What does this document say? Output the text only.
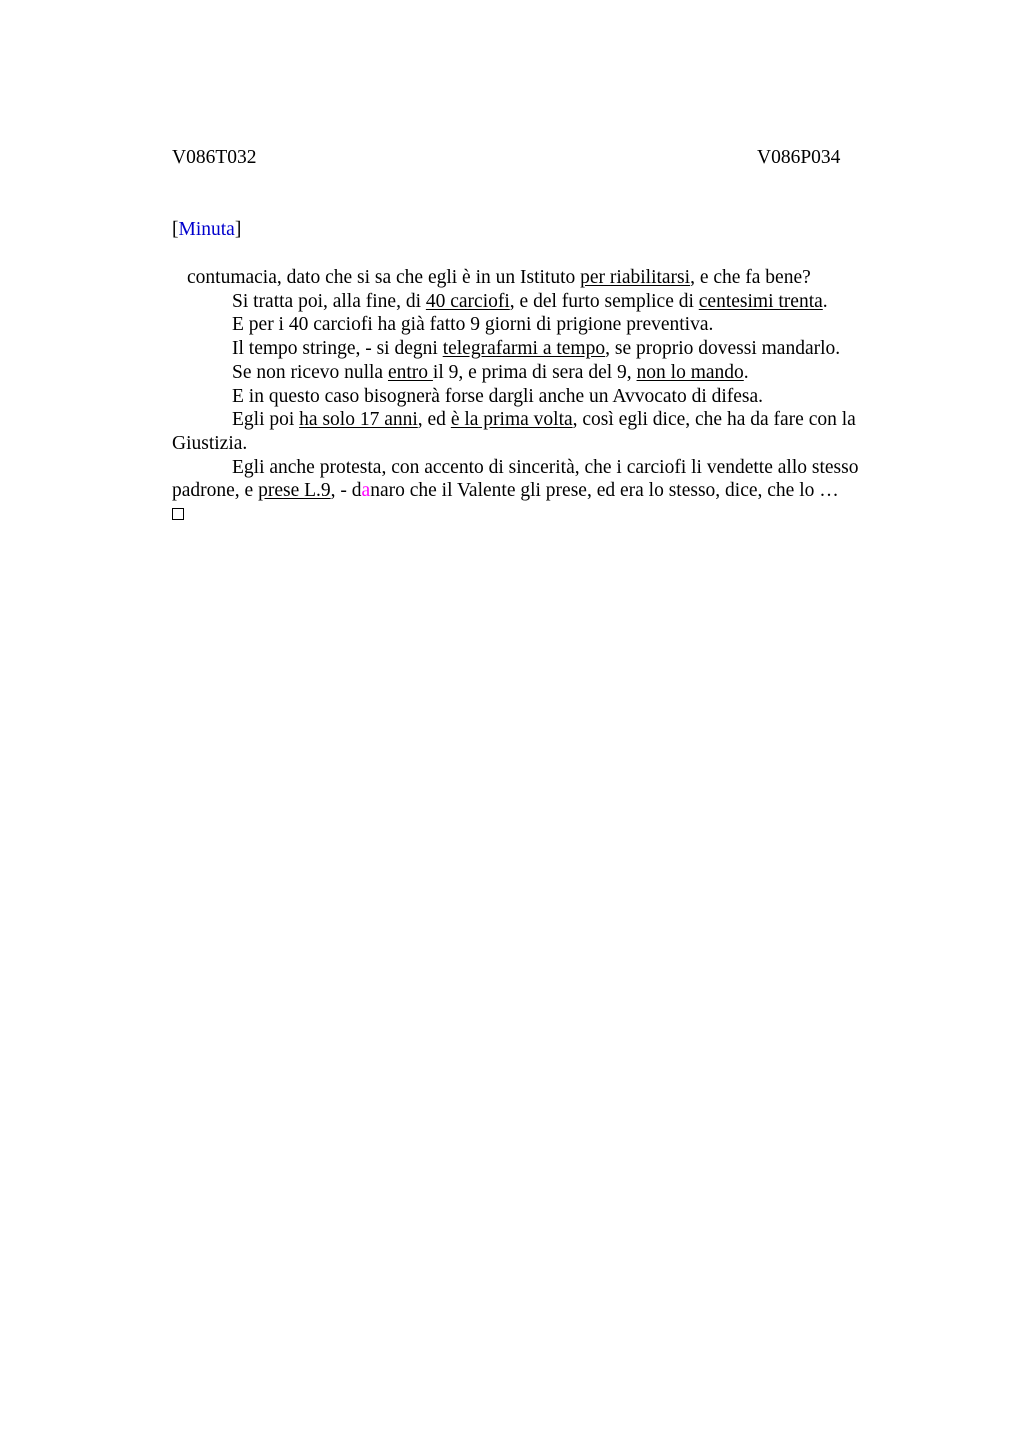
V086T032	V086P034
[Minuta]

contumacia, dato che si sa che egli è in un Istituto per riabilitarsi, e che fa bene?

Si tratta poi, alla fine, di 40 carciofi, e del furto semplice di centesimi trenta.

E per i 40 carciofi ha già fatto 9 giorni di prigione preventiva.

Il tempo stringe, - si degni telegrafarmi a tempo, se proprio dovessi mandarlo.

Se non ricevo nulla entro il 9, e prima di sera del 9, non lo mando.

E in questo caso bisognerà forse dargli anche un Avvocato di difesa.

Egli poi ha solo 17 anni, ed è la prima volta, così egli dice, che ha da fare con la Giustizia.

Egli anche protesta, con accento di sincerità, che i carciofi li vendette allo stesso padrone, e prese L.9, - danaro che il Valente gli prese, ed era lo stesso, dice, che lo …
